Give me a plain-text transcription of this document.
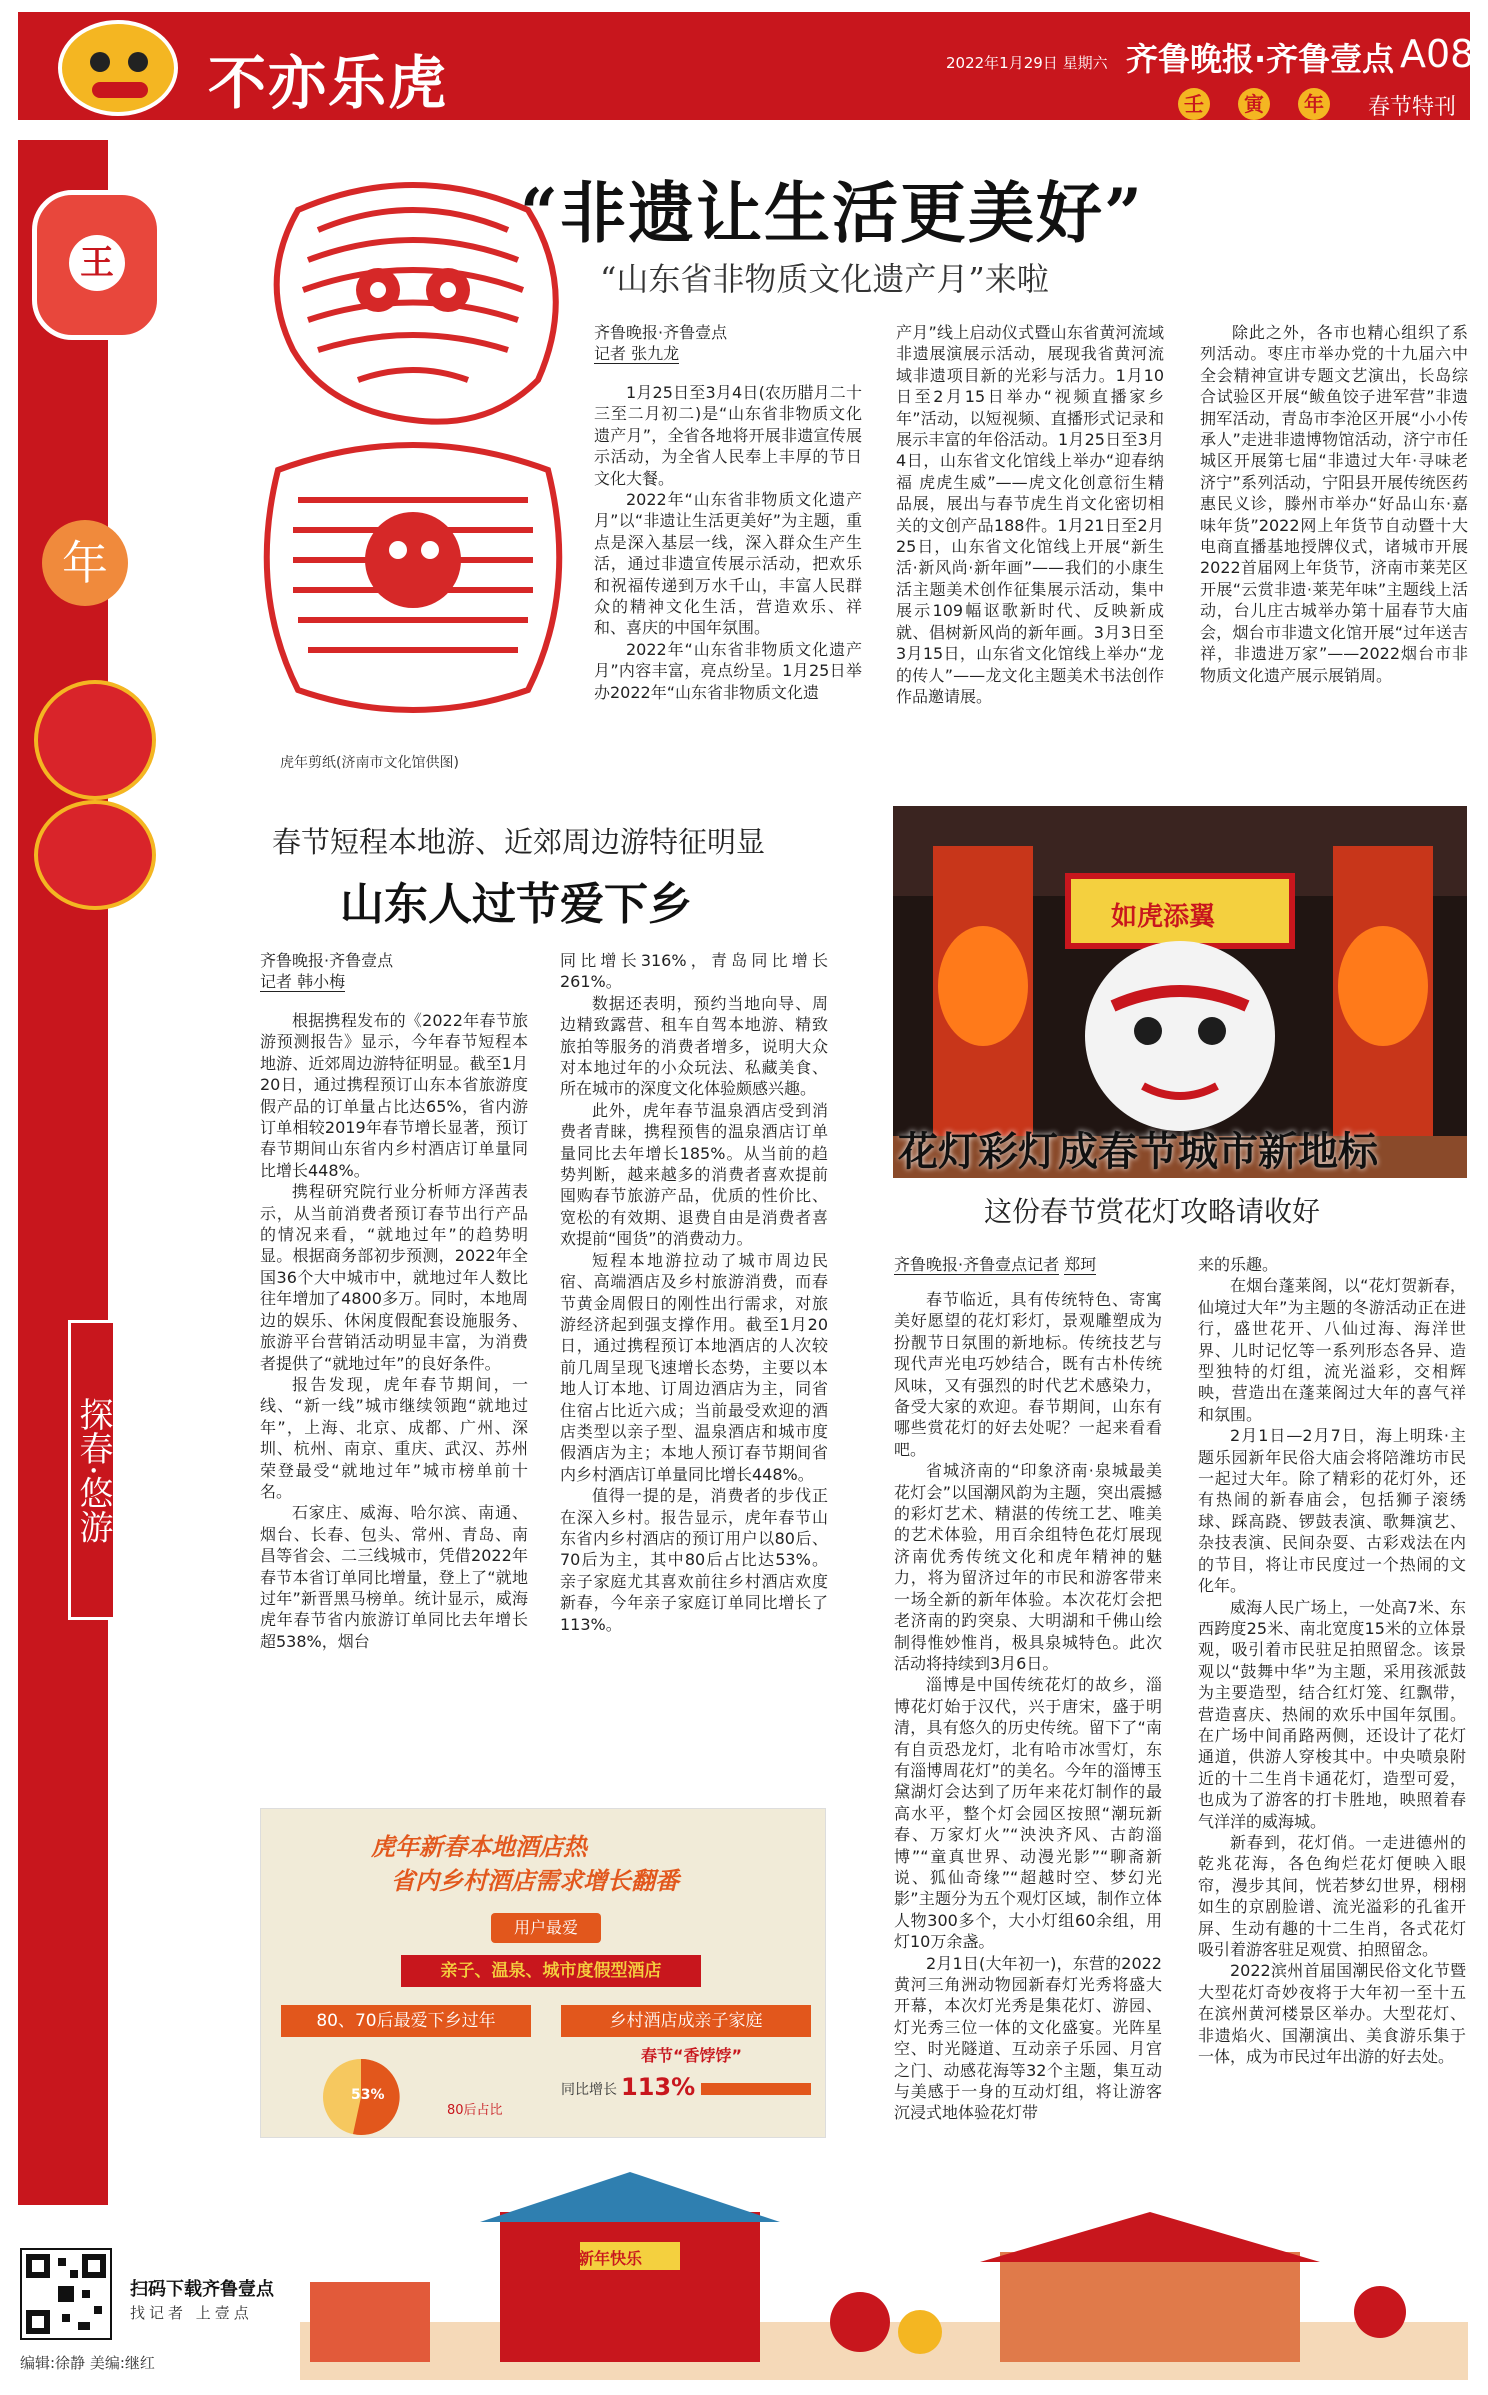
不亦乐虎	2022年1月29日 星期六 齐鲁晚报·齐鲁壹点 A08
壬	寅	年 春节特刊
王
年
探春·悠游
虎年剪纸(济南市文化馆供图)
“非遗让生活更美好”
“山东省非物质文化遗产月”来啦
齐鲁晚报·齐鲁壹点
记者 张九龙

1月25日至3月4日(农历腊月二十三至二月初二)是“山东省非物质文化遗产月”，全省各地将开展非遗宣传展示活动，为全省人民奉上丰厚的节日文化大餐。

2022年“山东省非物质文化遗产月”以“非遗让生活更美好”为主题，重点是深入基层一线，深入群众生产生活，通过非遗宣传展示活动，把欢乐和祝福传递到万水千山，丰富人民群众的精神文化生活，营造欢乐、祥和、喜庆的中国年氛围。

2022年“山东省非物质文化遗产月”内容丰富，亮点纷呈。1月25日举办2022年“山东省非物质文化遗

产月”线上启动仪式暨山东省黄河流域非遗展演展示活动，展现我省黄河流域非遗项目新的光彩与活力。1月10日至2月15日举办“视频直播家乡年”活动，以短视频、直播形式记录和展示丰富的年俗活动。1月25日至3月4日，山东省文化馆线上举办“迎春纳福 虎虎生威”——虎文化创意衍生精品展，展出与春节虎生肖文化密切相关的文创产品188件。1月21日至2月25日，山东省文化馆线上开展“新生活·新风尚·新年画”——我们的小康生活主题美术创作征集展示活动，集中展示109幅讴歌新时代、反映新成就、倡树新风尚的新年画。3月3日至3月15日，山东省文化馆线上举办“龙的传人”——龙文化主题美术书法创作作品邀请展。

除此之外，各市也精心组织了系列活动。枣庄市举办党的十九届六中全会精神宣讲专题文艺演出，长岛综合试验区开展“鲅鱼饺子进军营”非遗拥军活动，青岛市李沧区开展“小小传承人”走进非遗博物馆活动，济宁市任城区开展第七届“非遗过大年·寻味老济宁”系列活动，宁阳县开展传统医药惠民义诊，滕州市举办“好品山东·嘉味年货”2022网上年货节自动暨十大电商直播基地授牌仪式，诸城市开展2022首届网上年货节，济南市莱芜区开展“云赏非遗·莱芜年味”主题线上活动，台儿庄古城举办第十届春节大庙会，烟台市非遗文化馆开展“过年送吉祥，非遗进万家”——2022烟台市非物质文化遗产展示展销周。

春节短程本地游、近郊周边游特征明显
山东人过节爱下乡
齐鲁晚报·齐鲁壹点
记者 韩小梅

根据携程发布的《2022年春节旅游预测报告》显示，今年春节短程本地游、近郊周边游特征明显。截至1月20日，通过携程预订山东本省旅游度假产品的订单量占比达65%，省内游订单相较2019年春节增长显著，预订春节期间山东省内乡村酒店订单量同比增长448%。

携程研究院行业分析师方泽茜表示，从当前消费者预订春节出行产品的情况来看，“就地过年”的趋势明显。根据商务部初步预测，2022年全国36个大中城市中，就地过年人数比往年增加了4800多万。同时，本地周边的娱乐、休闲度假配套设施服务、旅游平台营销活动明显丰富，为消费者提供了“就地过年”的良好条件。

报告发现，虎年春节期间，一线、“新一线”城市继续领跑“就地过年”，上海、北京、成都、广州、深圳、杭州、南京、重庆、武汉、苏州荣登最受“就地过年”城市榜单前十名。

石家庄、威海、哈尔滨、南通、烟台、长春、包头、常州、青岛、南昌等省会、二三线城市，凭借2022年春节本省订单同比增量，登上了“就地过年”新晋黑马榜单。统计显示，威海虎年春节省内旅游订单同比去年增长超538%，烟台

同比增长316%，青岛同比增长261%。

数据还表明，预约当地向导、周边精致露营、租车自驾本地游、精致旅拍等服务的消费者增多，说明大众对本地过年的小众玩法、私藏美食、所在城市的深度文化体验颇感兴趣。

此外，虎年春节温泉酒店受到消费者青睐，携程预售的温泉酒店订单量同比去年增长185%。从当前的趋势判断，越来越多的消费者喜欢提前囤购春节旅游产品，优质的性价比、宽松的有效期、退费自由是消费者喜欢提前“囤货”的消费动力。

短程本地游拉动了城市周边民宿、高端酒店及乡村旅游消费，而春节黄金周假日的刚性出行需求，对旅游经济起到强支撑作用。截至1月20日，通过携程预订本地酒店的人次较前几周呈现飞速增长态势，主要以本地人订本地、订周边酒店为主，同省住宿占比近六成；当前最受欢迎的酒店类型以亲子型、温泉酒店和城市度假酒店为主；本地人预订春节期间省内乡村酒店订单量同比增长448%。

值得一提的是，消费者的步伐正在深入乡村。报告显示，虎年春节山东省内乡村酒店的预订用户以80后、70后为主，其中80后占比达53%。亲子家庭尤其喜欢前往乡村酒店欢度新春，今年亲子家庭订单同比增长了113%。

虎年新春本地酒店热
省内乡村酒店需求增长翻番
用户最爱
亲子、温泉、城市度假型酒店
80、70后最爱下乡过年	乡村酒店成亲子家庭
春节“香饽饽”
53%
80后占比
同比增长 113%
如虎添翼
花灯彩灯成春节城市新地标
这份春节赏花灯攻略请收好
齐鲁晚报·齐鲁壹点记者 郑珂

春节临近，具有传统特色、寄寓美好愿望的花灯彩灯，景观雕塑成为扮靓节日氛围的新地标。传统技艺与现代声光电巧妙结合，既有古朴传统风味，又有强烈的时代艺术感染力，备受大家的欢迎。春节期间，山东有哪些赏花灯的好去处呢？一起来看看吧。

省城济南的“印象济南·泉城最美花灯会”以国潮风韵为主题，突出震撼的彩灯艺术、精湛的传统工艺、唯美的艺术体验，用百余组特色花灯展现济南优秀传统文化和虎年精神的魅力，将为留济过年的市民和游客带来一场全新的新年体验。本次花灯会把老济南的趵突泉、大明湖和千佛山绘制得惟妙惟肖，极具泉城特色。此次活动将持续到3月6日。

淄博是中国传统花灯的故乡，淄博花灯始于汉代，兴于唐宋，盛于明清，具有悠久的历史传统。留下了“南有自贡恐龙灯，北有哈市冰雪灯，东有淄博周花灯”的美名。今年的淄博玉黛湖灯会达到了历年来花灯制作的最高水平，整个灯会园区按照“潮玩新春、万家灯火”“泱泱齐风、古韵淄博”“童真世界、动漫光影”“聊斋新说、狐仙奇缘”“超越时空、梦幻光影”主题分为五个观灯区域，制作立体人物300多个，大小灯组60余组，用灯10万余盏。

2月1日(大年初一)，东营的2022黄河三角洲动物园新春灯光秀将盛大开幕，本次灯光秀是集花灯、游园、灯光秀三位一体的文化盛宴。光阵星空、时光隧道、互动亲子乐园、月宫之门、动感花海等32个主题，集互动与美感于一身的互动灯组，将让游客沉浸式地体验花灯带

来的乐趣。

在烟台蓬莱阁，以“花灯贺新春，仙境过大年”为主题的冬游活动正在进行，盛世花开、八仙过海、海洋世界、儿时记忆等一系列形态各异、造型独特的灯组，流光溢彩，交相辉映，营造出在蓬莱阁过大年的喜气祥和氛围。

2月1日—2月7日，海上明珠·主题乐园新年民俗大庙会将陪潍坊市民一起过大年。除了精彩的花灯外，还有热闹的新春庙会，包括狮子滚绣球、踩高跷、锣鼓表演、歌舞演艺、杂技表演、民间杂耍、古彩戏法在内的节目，将让市民度过一个热闹的文化年。

威海人民广场上，一处高7米、东西跨度25米、南北宽度15米的立体景观，吸引着市民驻足拍照留念。该景观以“鼓舞中华”为主题，采用孩派鼓为主要造型，结合红灯笼、红飘带，营造喜庆、热闹的欢乐中国年氛围。在广场中间甬路两侧，还设计了花灯通道，供游人穿梭其中。中央喷泉附近的十二生肖卡通花灯，造型可爱，也成为了游客的打卡胜地，映照着春气洋洋的威海城。

新春到，花灯俏。一走进德州的乾兆花海，各色绚烂花灯便映入眼帘，漫步其间，恍若梦幻世界，栩栩如生的京剧脸谱、流光溢彩的孔雀开屏、生动有趣的十二生肖，各式花灯吸引着游客驻足观赏、拍照留念。

2022滨州首届国潮民俗文化节暨大型花灯奇妙夜将于大年初一至十五在滨州黄河楼景区举办。大型花灯、非遗焰火、国潮演出、美食游乐集于一体，成为市民过年出游的好去处。

新年快乐
扫码下载齐鲁壹点
找记者 上壹点
编辑:徐静 美编:继红
